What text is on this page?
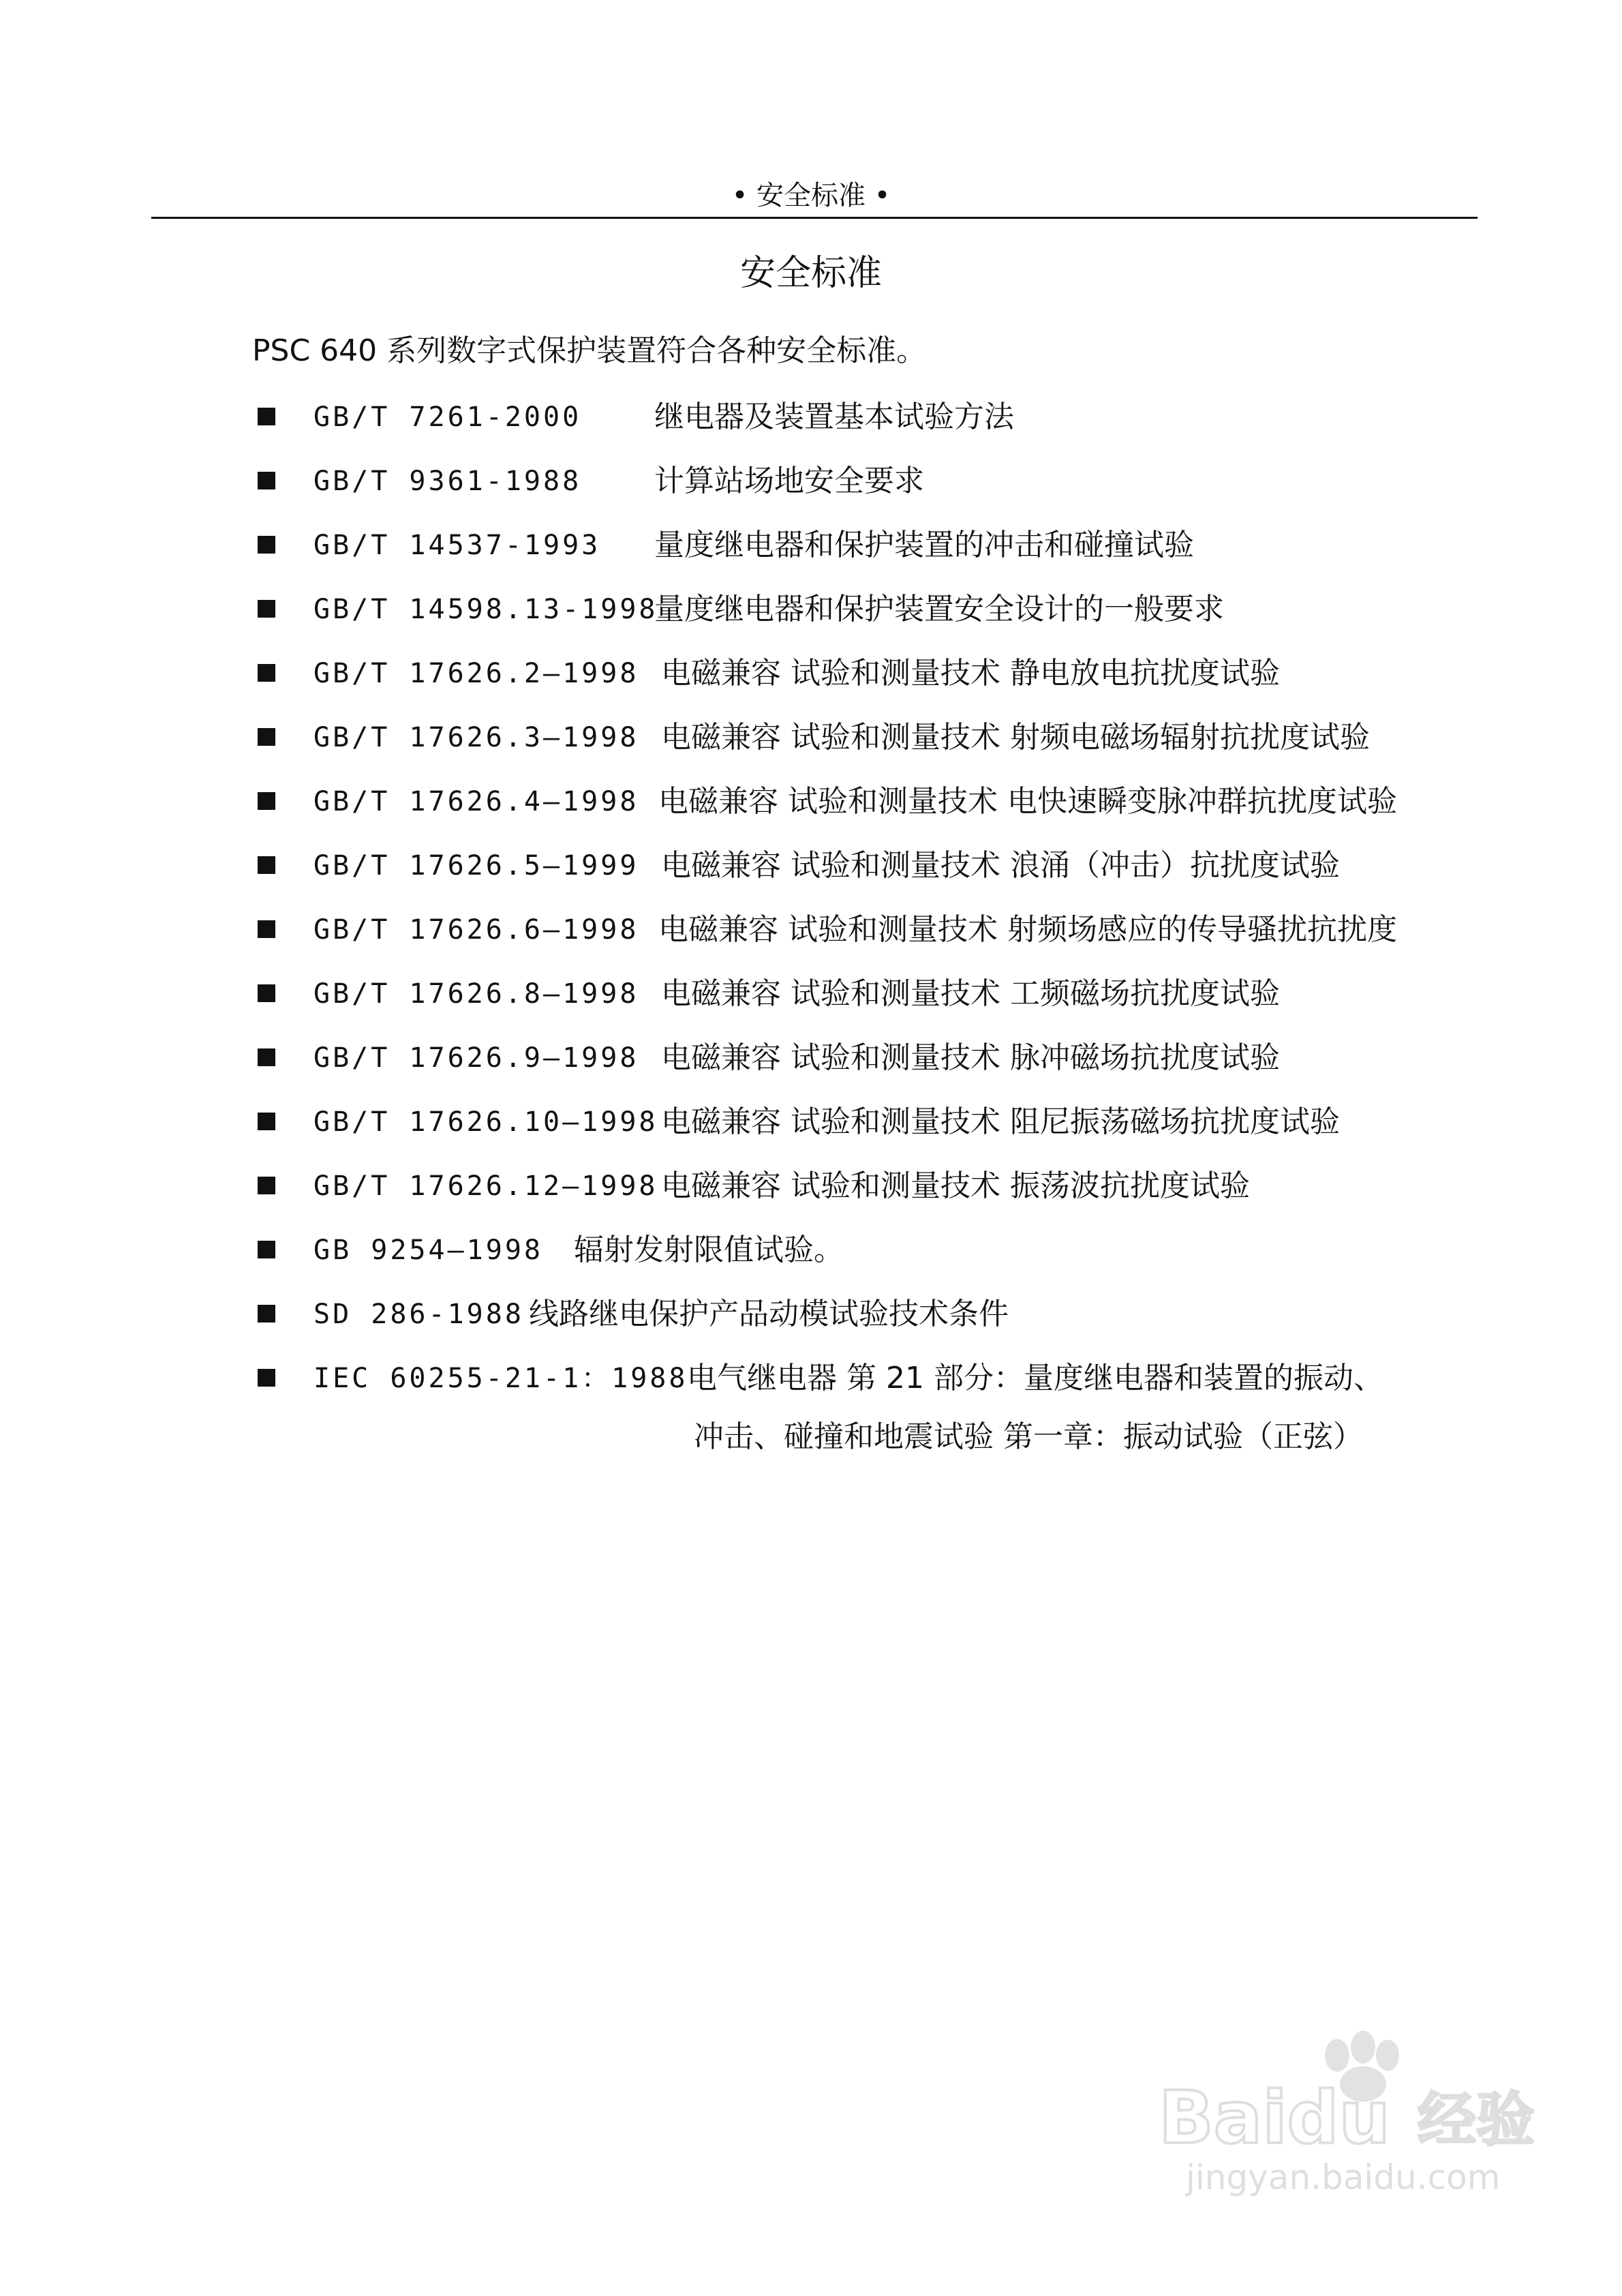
• 安全标准 •
安全标准
PSC 640 系列数字式保护装置符合各种安全标准。
GB/T 7261-2000 继电器及装置基本试验方法
GB/T 9361-1988 计算站场地安全要求
GB/T 14537-1993 量度继电器和保护装置的冲击和碰撞试验
GB/T 14598.13-1998
量度继电器和保护装置安全设计的一般要求
GB/T 17626.2—1998 电磁兼容 试验和测量技术 静电放电抗扰度试验
GB/T 17626.3—1998 电磁兼容 试验和测量技术 射频电磁场辐射抗扰度试验
GB/T 17626.4—1998 电磁兼容 试验和测量技术 电快速瞬变脉冲群抗扰度试验
GB/T 17626.5—1999 电磁兼容 试验和测量技术 浪涌（冲击）抗扰度试验
GB/T 17626.6—1998 电磁兼容 试验和测量技术 射频场感应的传导骚扰抗扰度
GB/T 17626.8—1998 电磁兼容 试验和测量技术 工频磁场抗扰度试验
GB/T 17626.9—1998 电磁兼容 试验和测量技术 脉冲磁场抗扰度试验
GB/T 17626.10—1998 电磁兼容 试验和测量技术 阻尼振荡磁场抗扰度试验
GB/T 17626.12—1998 电磁兼容 试验和测量技术 振荡波抗扰度试验
GB 9254—1998 辐射发射限值试验。
SD 286-1988 线路继电保护产品动模试验技术条件
IEC 60255-21-1：1988
电气继电器 第 21 部分：量度继电器和装置的振动、
冲击、碰撞和地震试验 第一章：振动试验（正弦）
Baidu 经验
jingyan.baidu.com
